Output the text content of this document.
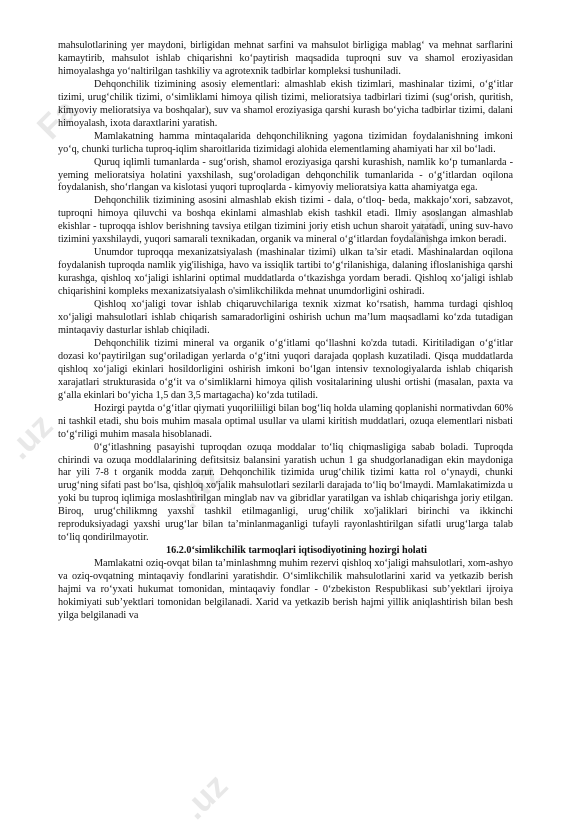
Fa
ya
.uz
.uz
.uz

mahsulotlarining yer maydoni, birligidan mehnat sarfini va mahsulot birligiga mablag‘ va mehnat sarflarini kamaytirib, mahsulot ishlab chiqarishni ko‘paytirish maqsadida tuproqni suv va shamol eroziyasidan himoyalashga yo‘naltirilgan tashkiliy va agrotexnik tadbirlar kompleksi tushuniladi.

Dehqonchilik tizimining asosiy elementlari: almashlab ekish tizimlari, mashinalar tizimi, o‘g‘itlar tizimi, urug‘chilik tizimi, o‘simliklami himoya qilish tizimi, melioratsiya tadbirlari tizimi (sug‘orish, quritish, kimyoviy melioratsiya va boshqalar), suv va shamol eroziyasiga qarshi kurash bo‘yicha tadbirlar tizimi, dalani himoyalash, ixota daraxtlarini yaratish.

Mamlakatning hamma mintaqalarida dehqonchilikning yagona tizimidan foydalanishning imkoni yo‘q, chunki turlicha tuproq-iqlim sharoitlarida tizimidagi alohida elementlaming ahamiyati har xil bo‘ladi.

Quruq iqlimli tumanlarda - sug‘orish, shamol eroziyasiga qarshi kurashish, namlik ko‘p tumanlarda - yeming melioratsiya holatini yaxshilash, sug‘oroladigan dehqonchilik tumanlarida - o‘g‘itlardan oqilona foydalanish, sho‘rlangan va kislotasi yuqori tuproqlarda - kimyoviy melioratsiya katta ahamiyatga ega.

Dehqonchilik tizimining asosini almashlab ekish tizimi - dala, o‘tloq- beda, makkajo‘xori, sabzavot, tuproqni himoya qiluvchi va boshqa ekinlami almashlab ekish tashkil etadi. Ilmiy asoslangan almashlab ekishlar - tuproqqa ishlov berishning tavsiya etilgan tizimini joriy etish uchun sharoit yaratadi, uning suv-havo tizimini yaxshilaydi, yuqori samarali texnikadan, organik va mineral o‘g‘itlardan foydalanishga imkon beradi.

Unumdor tuproqqa mexanizatsiyalash (mashinalar tizimi) ulkan ta’sir etadi. Mashinalardan oqilona foydalanish tuproqda namlik yig'ilishiga, havo va issiqlik tartibi to‘g‘rilanishiga, dalaning ifloslanishiga qarshi kurashga, qishloq xo‘jaligi ishlarini optimal muddatlarda o‘tkazishga yordam beradi. Qishloq xo‘jaligi ishlab chiqarishini kompleks mexanizatsiyalash o'simlikchilikda mehnat unumdorligini oshiradi.

Qishloq xo‘jaligi tovar ishlab chiqaruvchilariga texnik xizmat ko‘rsatish, hamma turdagi qishloq xo‘jaligi mahsulotlari ishlab chiqarish samaradorligini oshirish uchun ma’lum maqsadlami ko‘zda tutadigan mintaqaviy dasturlar ishlab chiqiladi.

Dehqonchilik tizimi mineral va organik o‘g‘itlami qo‘llashni ko'zda tutadi. Kiritiladigan o‘g‘itlar dozasi ko‘paytirilgan sug‘oriladigan yerlarda o‘g‘itni yuqori darajada qoplash kuzatiladi. Qisqa muddatlarda qishloq xo‘jaligi ekinlari hosildorligini oshirish imkoni bo‘lgan intensiv texnologiyalarda ishlab chiqarish xarajatlari strukturasida o‘g‘it va o‘simliklarni himoya qilish vositalarining ulushi ortishi (masalan, paxta va g‘alla ekinlari bo‘yicha 1,5 dan 3,5 martagacha) ko‘zda tutiladi.

Hozirgi paytda o‘g‘itlar qiymati yuqoriliiligi bilan bog‘liq holda ulaming qoplanishi normativdan 60% ni tashkil etadi, shu bois muhim masala optimal usullar va ulami kiritish muddatlari, ozuqa elementlari nisbati to‘g‘riligi muhim masala hisoblanadi.

0‘g‘itlashning pasayishi tuproqdan ozuqa moddalar to‘liq chiqmasligiga sabab boladi. Tuproqda chirindi va ozuqa moddlalarining defitsitsiz balansini yaratish uchun 1 ga shudgorlanadigan ekin maydoniga har yili 7-8 t organik modda zarur. Dehqonchilik tizimida urug‘chilik tizimi katta rol o‘ynaydi, chunki urug‘ning sifati past bo‘lsa, qishloq xo'jalik mahsulotlari sezilarli darajada to‘liq bo‘lmaydi. Mamlakatimizda u yoki bu tuproq iqlimiga moslashtirilgan minglab nav va gibridlar yaratilgan va ishlab chiqarishga joriy etilgan. Biroq, urug‘chilikmng yaxshi tashkil etilmaganligi, urug‘chilik xo'jaliklari birinchi va ikkinchi reproduksiyadagi yaxshi urug‘lar bilan ta’minlanmaganligi tufayli rayonlashtirilgan sifatli urug‘larga talab to‘liq qondirilmayotir.

16.2.0‘simlikchilik tarmoqlari iqtisodiyotining hozirgi holati

Mamlakatni oziq-ovqat bilan ta’minlashmng muhim rezervi qishloq xo‘jaligi mahsulotlari, xom-ashyo va oziq-ovqatning mintaqaviy fondlarini yaratishdir. O‘simlikchilik mahsulotlarini xarid va yetkazib berish hajmi va ro‘yxati hukumat tomonidan, mintaqaviy fondlar - 0‘zbekiston Respublikasi sub’yektlari ijroiya hokimiyati sub’yektlari tomonidan belgilanadi. Xarid va yetkazib berish hajmi yillik aniqlashtirish bilan besh yilga belgilanadi va
